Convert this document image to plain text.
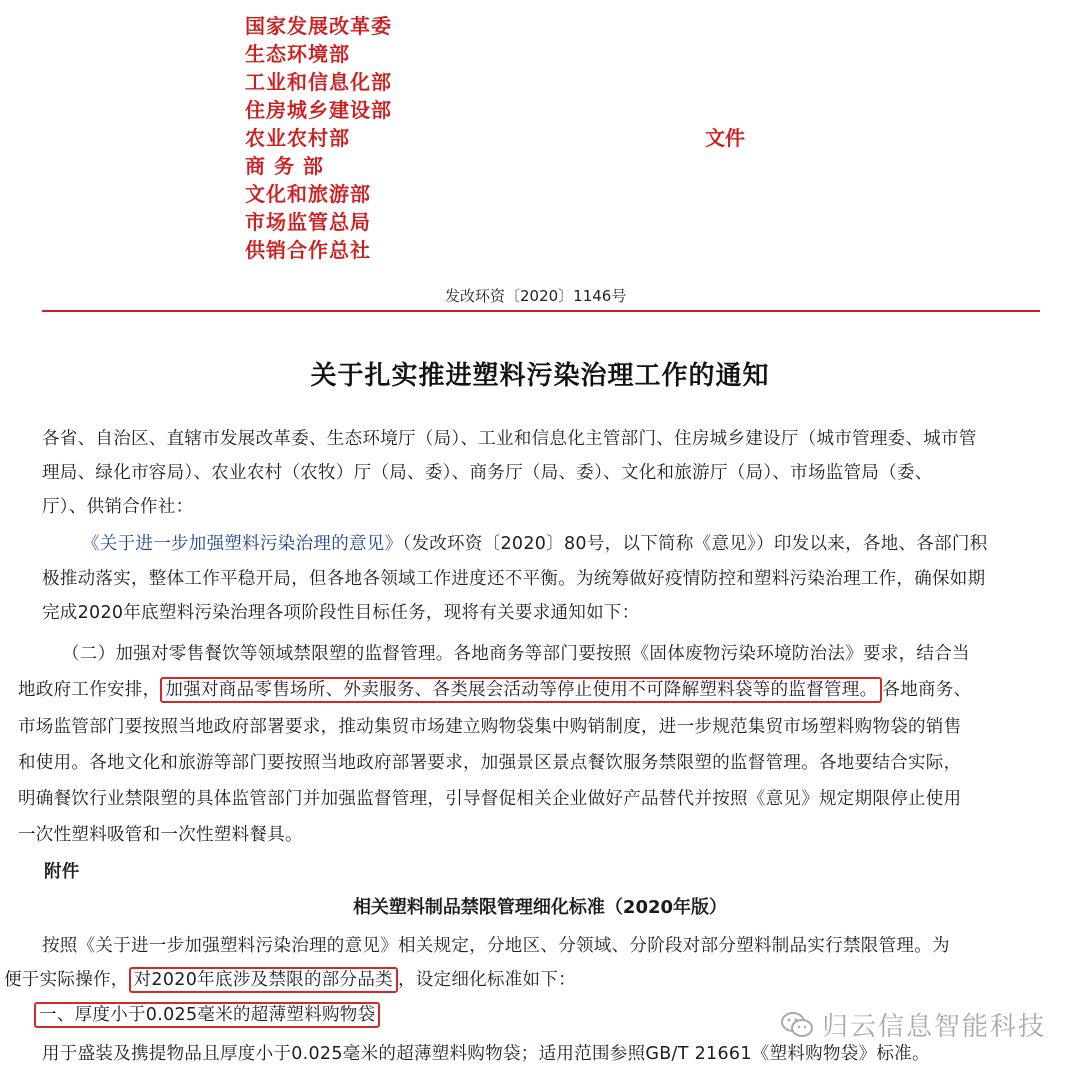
国家发展改革委
生态环境部
工业和信息化部
住房城乡建设部
农业农村部
商 务 部
文化和旅游部
市场监管总局
供销合作总社
文件
发改环资〔2020〕1146号
关于扎实推进塑料污染治理工作的通知
各省、自治区、直辖市发展改革委、生态环境厅（局）、工业和信息化主管部门、住房城乡建设厅（城市管理委、城市管
理局、绿化市容局）、农业农村（农牧）厅（局、委）、商务厅（局、委）、文化和旅游厅（局）、市场监管局（委、
厅）、供销合作社：
《关于进一步加强塑料污染治理的意见》（发改环资〔2020〕80号，以下简称《意见》）印发以来，各地、各部门积
极推动落实，整体工作平稳开局，但各地各领域工作进度还不平衡。为统筹做好疫情防控和塑料污染治理工作，确保如期
完成2020年底塑料污染治理各项阶段性目标任务，现将有关要求通知如下：
（二）加强对零售餐饮等领域禁限塑的监督管理。各地商务等部门要按照《固体废物污染环境防治法》要求，结合当
地政府工作安排， 加强对商品零售场所、外卖服务、各类展会活动等停止使用不可降解塑料袋等的监督管理。 各地商务、
市场监管部门要按照当地政府部署要求，推动集贸市场建立购物袋集中购销制度，进一步规范集贸市场塑料购物袋的销售
和使用。各地文化和旅游等部门要按照当地政府部署要求，加强景区景点餐饮服务禁限塑的监督管理。各地要结合实际，
明确餐饮行业禁限塑的具体监管部门并加强监督管理，引导督促相关企业做好产品替代并按照《意见》规定期限停止使用
一次性塑料吸管和一次性塑料餐具。
附件
相关塑料制品禁限管理细化标准（2020年版）
按照《关于进一步加强塑料污染治理的意见》相关规定，分地区、分领域、分阶段对部分塑料制品实行禁限管理。为
便于实际操作， 对2020年底涉及禁限的部分品类 ，设定细化标准如下：
一、厚度小于0.025毫米的超薄塑料购物袋
用于盛装及携提物品且厚度小于0.025毫米的超薄塑料购物袋；适用范围参照GB/T 21661《塑料购物袋》标准。
归云信息智能科技
